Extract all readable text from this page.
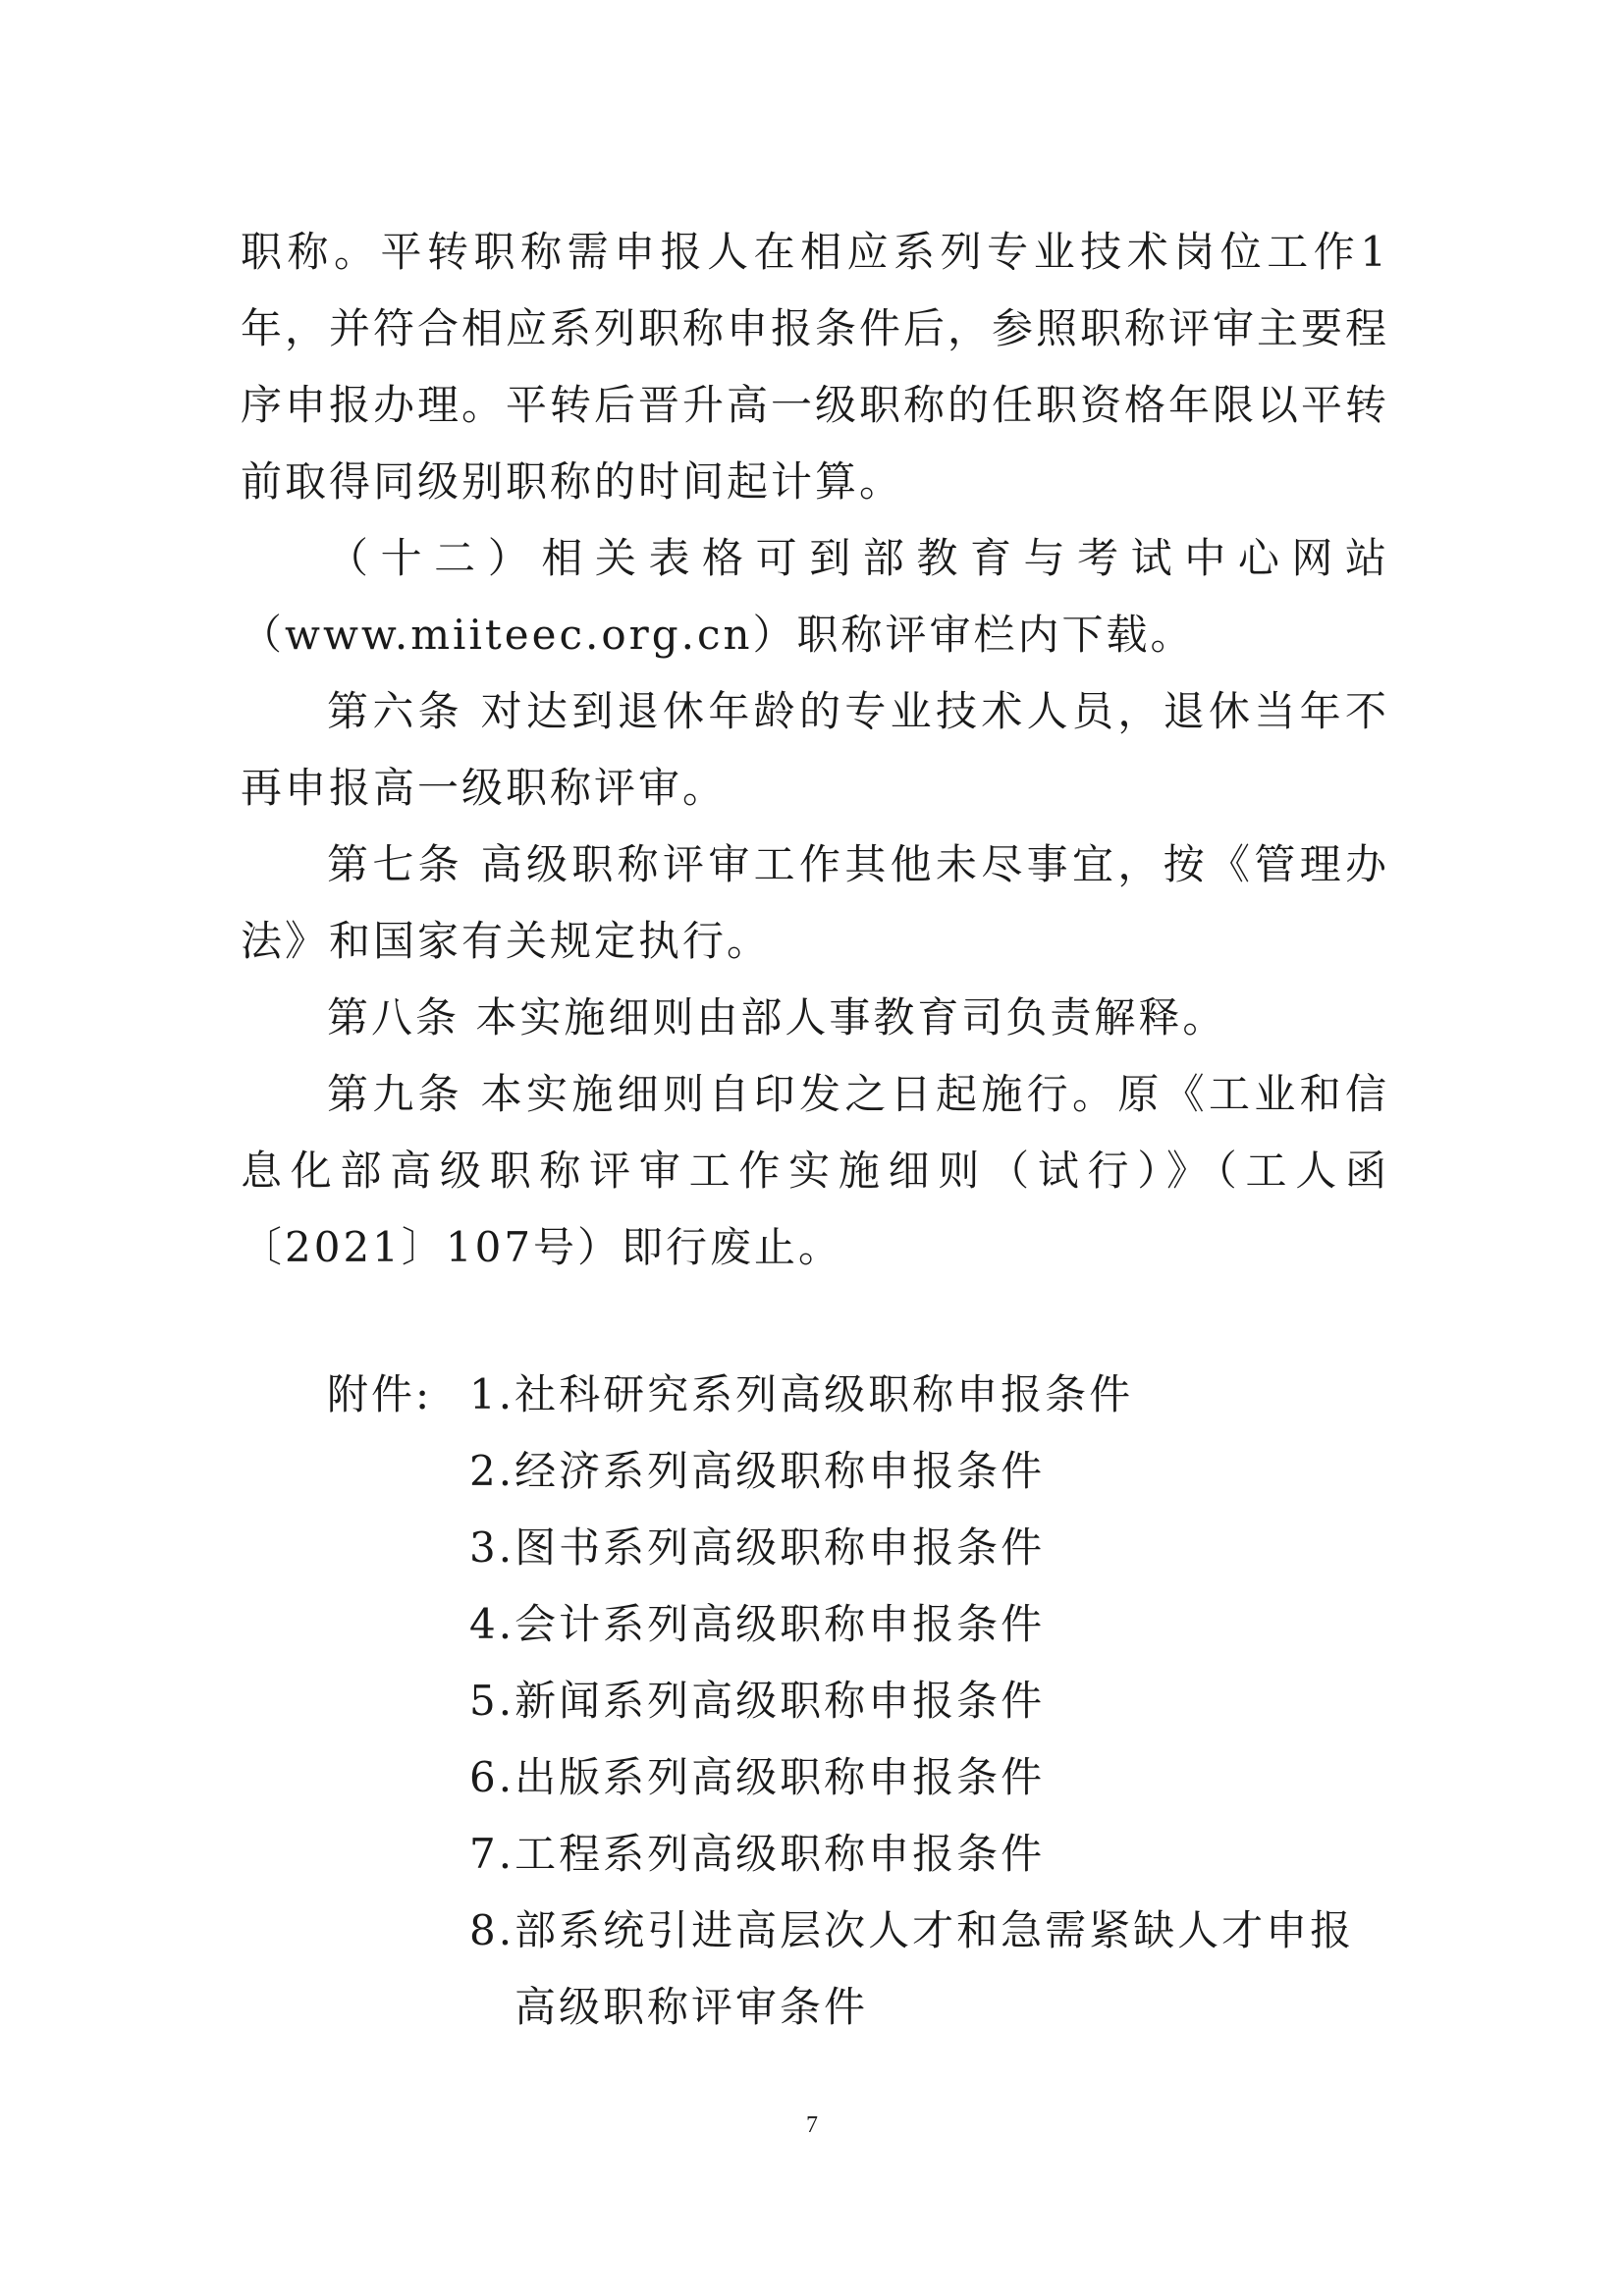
职称。平转职称需申报人在相应系列专业技术岗位工作1年，并符合相应系列职称申报条件后，参照职称评审主要程序申报办理。平转后晋升高一级职称的任职资格年限以平转前取得同级别职称的时间起计算。

（十二）相关表格可到部教育与考试中心网站（www.miiteec.org.cn）职称评审栏内下载。

第六条 对达到退休年龄的专业技术人员，退休当年不再申报高一级职称评审。

第七条 高级职称评审工作其他未尽事宜，按《管理办法》和国家有关规定执行。

第八条 本实施细则由部人事教育司负责解释。

第九条 本实施细则自印发之日起施行。原《工业和信息化部高级职称评审工作实施细则（试行）》（工人函〔2021〕107号）即行废止。

附件: 1.社科研究系列高级职称申报条件
2.经济系列高级职称申报条件
3.图书系列高级职称申报条件
4.会计系列高级职称申报条件
5.新闻系列高级职称申报条件
6.出版系列高级职称申报条件
7.工程系列高级职称申报条件
8.部系统引进高层次人才和急需紧缺人才申报
高级职称评审条件
7
